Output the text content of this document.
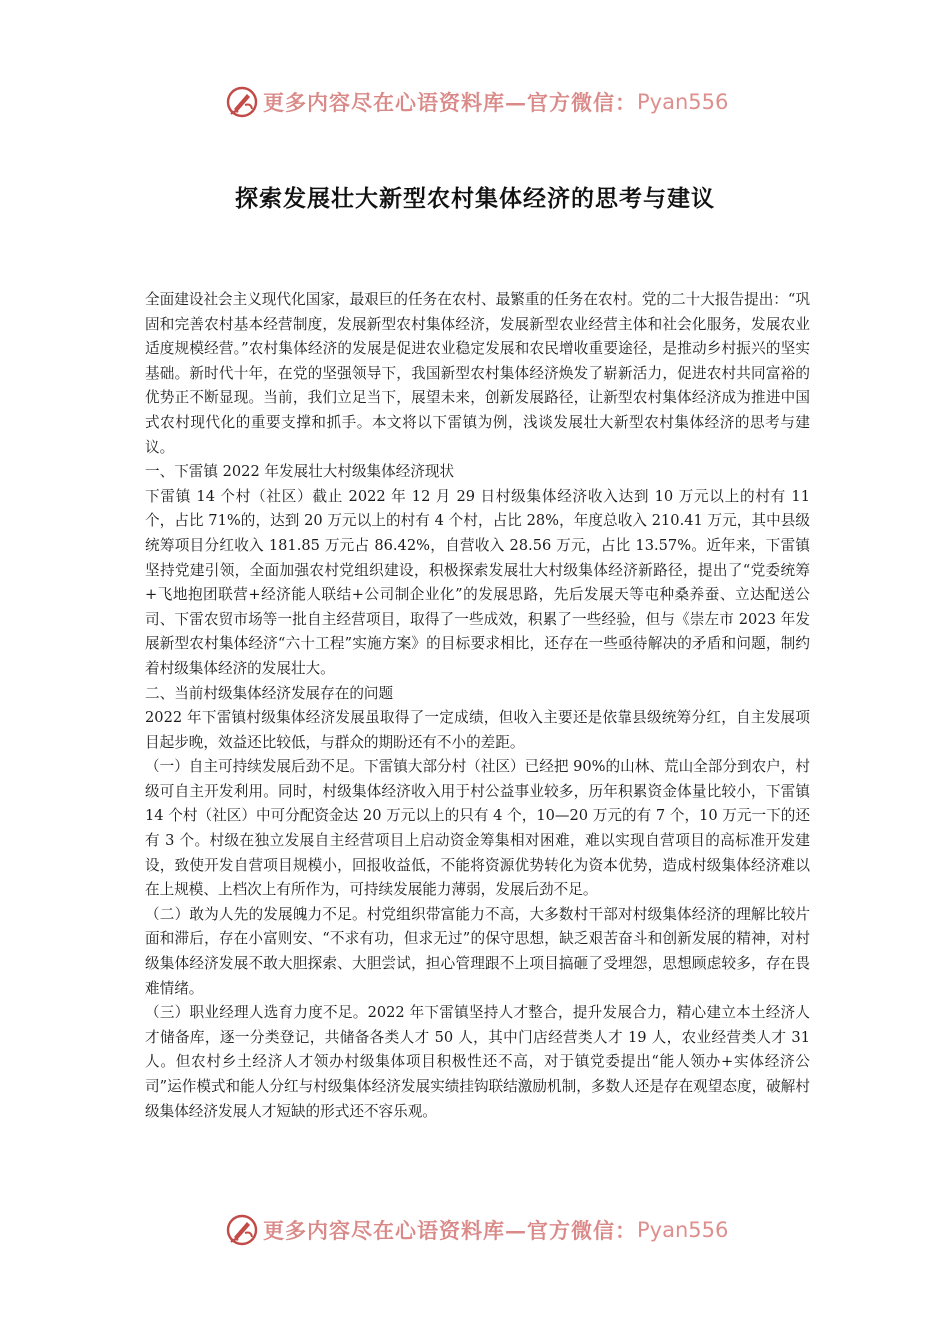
更多内容尽在心语资料库—官方微信： Pyan556
探索发展壮大新型农村集体经济的思考与建议

全面建设社会主义现代化国家，最艰巨的任务在农村、最繁重的任务在农村。党的二十大报告提出：“巩固和完善农村基本经营制度，发展新型农村集体经济，发展新型农业经营主体和社会化服务，发展农业适度规模经营。”农村集体经济的发展是促进农业稳定发展和农民增收重要途径，是推动乡村振兴的坚实基础。新时代十年，在党的坚强领导下，我国新型农村集体经济焕发了崭新活力，促进农村共同富裕的优势正不断显现。当前，我们立足当下，展望未来，创新发展路径，让新型农村集体经济成为推进中国式农村现代化的重要支撑和抓手。本文将以下雷镇为例，浅谈发展壮大新型农村集体经济的思考与建议。

一、下雷镇 2022 年发展壮大村级集体经济现状

下雷镇 14 个村（社区）截止 2022 年 12 月 29 日村级集体经济收入达到 10 万元以上的村有 11 个，占比 71%的，达到 20 万元以上的村有 4 个村，占比 28%，年度总收入 210.41 万元，其中县级统筹项目分红收入 181.85 万元占 86.42%，自营收入 28.56 万元，占比 13.57%。近年来，下雷镇坚持党建引领，全面加强农村党组织建设，积极探索发展壮大村级集体经济新路径，提出了“党委统筹+飞地抱团联营+经济能人联结+公司制企业化”的发展思路，先后发展天等屯种桑养蚕、立达配送公司、下雷农贸市场等一批自主经营项目，取得了一些成效，积累了一些经验，但与《崇左市 2023 年发展新型农村集体经济“六十工程”实施方案》的目标要求相比，还存在一些亟待解决的矛盾和问题，制约着村级集体经济的发展壮大。

二、当前村级集体经济发展存在的问题

2022 年下雷镇村级集体经济发展虽取得了一定成绩，但收入主要还是依靠县级统筹分红，自主发展项目起步晚，效益还比较低，与群众的期盼还有不小的差距。

（一）自主可持续发展后劲不足。下雷镇大部分村（社区）已经把 90%的山林、荒山全部分到农户，村级可自主开发利用。同时，村级集体经济收入用于村公益事业较多，历年积累资金体量比较小，下雷镇 14 个村（社区）中可分配资金达 20 万元以上的只有 4 个，10—20 万元的有 7 个，10 万元一下的还有 3 个。村级在独立发展自主经营项目上启动资金筹集相对困难，难以实现自营项目的高标准开发建设，致使开发自营项目规模小，回报收益低，不能将资源优势转化为资本优势，造成村级集体经济难以在上规模、上档次上有所作为，可持续发展能力薄弱，发展后劲不足。

（二）敢为人先的发展魄力不足。村党组织带富能力不高，大多数村干部对村级集体经济的理解比较片面和滞后，存在小富则安、“不求有功，但求无过”的保守思想，缺乏艰苦奋斗和创新发展的精神，对村级集体经济发展不敢大胆探索、大胆尝试，担心管理跟不上项目搞砸了受埋怨，思想顾虑较多，存在畏难情绪。

（三）职业经理人选育力度不足。2022 年下雷镇坚持人才整合，提升发展合力，精心建立本土经济人才储备库，逐一分类登记，共储备各类人才 50 人，其中门店经营类人才 19 人，农业经营类人才 31 人。但农村乡土经济人才领办村级集体项目积极性还不高，对于镇党委提出“能人领办+实体经济公司”运作模式和能人分红与村级集体经济发展实绩挂钩联结激励机制，多数人还是存在观望态度，破解村级集体经济发展人才短缺的形式还不容乐观。

更多内容尽在心语资料库—官方微信： Pyan556
